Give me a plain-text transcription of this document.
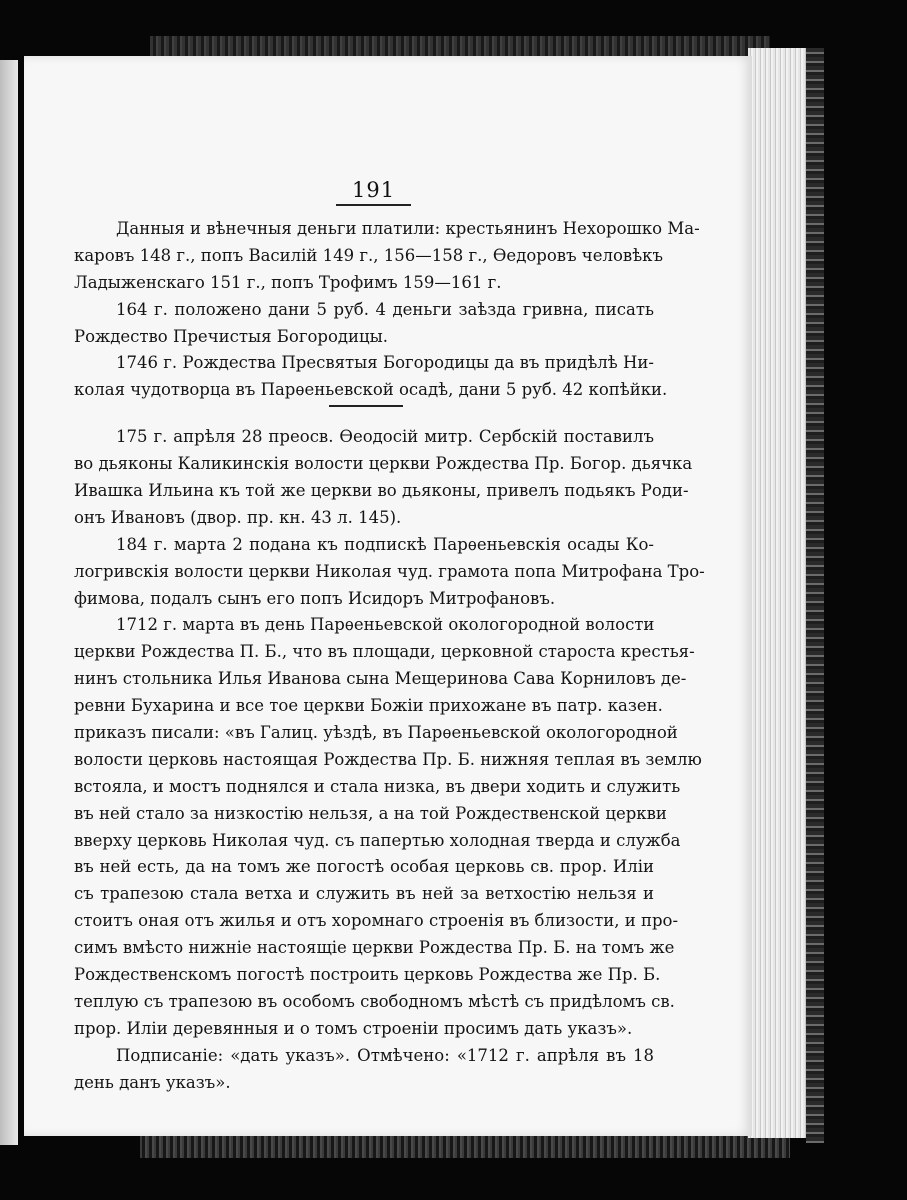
191
Данныя и вѣнечныя деньги платили: крестьянинъ Нехорошко Ма-
каровъ 148 г., попъ Василій 149 г., 156—158 г., Ѳедоровъ человѣкъ
Ладыженскаго 151 г., попъ Трофимъ 159—161 г.
164 г. положено дани 5 руб. 4 деньги заѣзда гривна, писать
Рождество Пречистыя Богородицы.
1746 г. Рождества Пресвятыя Богородицы да въ придѣлѣ Ни-
колая чудотворца въ Парѳеньевской осадѣ, дани 5 руб. 42 копѣйки.
175 г. апрѣля 28 преосв. Ѳеодосій митр. Сербскій поставилъ
во дьяконы Каликинскія волости церкви Рождества Пр. Богор. дьячка
Ивашка Ильина къ той же церкви во дьяконы, привелъ подьякъ Роди-
онъ Ивановъ (двор. пр. кн. 43 л. 145).
184 г. марта 2 подана къ подпискѣ Парѳеньевскія осады Ко-
логривскія волости церкви Николая чуд. грамота попа Митрофана Тро-
фимова, подалъ сынъ его попъ Исидоръ Митрофановъ.
1712 г. марта въ день Парѳеньевской окологородной волости
церкви Рождества П. Б., что въ площади, церковной староста крестья-
нинъ стольника Илья Иванова сына Мещеринова Сава Корниловъ де-
ревни Бухарина и все тое церкви Божіи прихожане въ патр. казен.
приказъ писали: «въ Галиц. уѣздѣ, въ Парѳеньевской окологородной
волости церковь настоящая Рождества Пр. Б. нижняя теплая въ землю
встояла, и мостъ поднялся и стала низка, въ двери ходить и служить
въ ней стало за низкостію нельзя, а на той Рождественской церкви
вверху церковь Николая чуд. съ папертью холодная тверда и служба
въ ней есть, да на томъ же погостѣ особая церковь св. прор. Иліи
съ трапезою стала ветха и служить въ ней за ветхостію нельзя и
стоитъ оная отъ жилья и отъ хоромнаго строенія въ близости, и про-
симъ вмѣсто нижніе настоящіе церкви Рождества Пр. Б. на томъ же
Рождественскомъ погостѣ построить церковь Рождества же Пр. Б.
теплую съ трапезою въ особомъ свободномъ мѣстѣ съ придѣломъ св.
прор. Иліи деревянныя и о томъ строеніи просимъ дать указъ».
Подписаніе: «дать указъ». Отмѣчено: «1712 г. апрѣля въ 18
день данъ указъ».
